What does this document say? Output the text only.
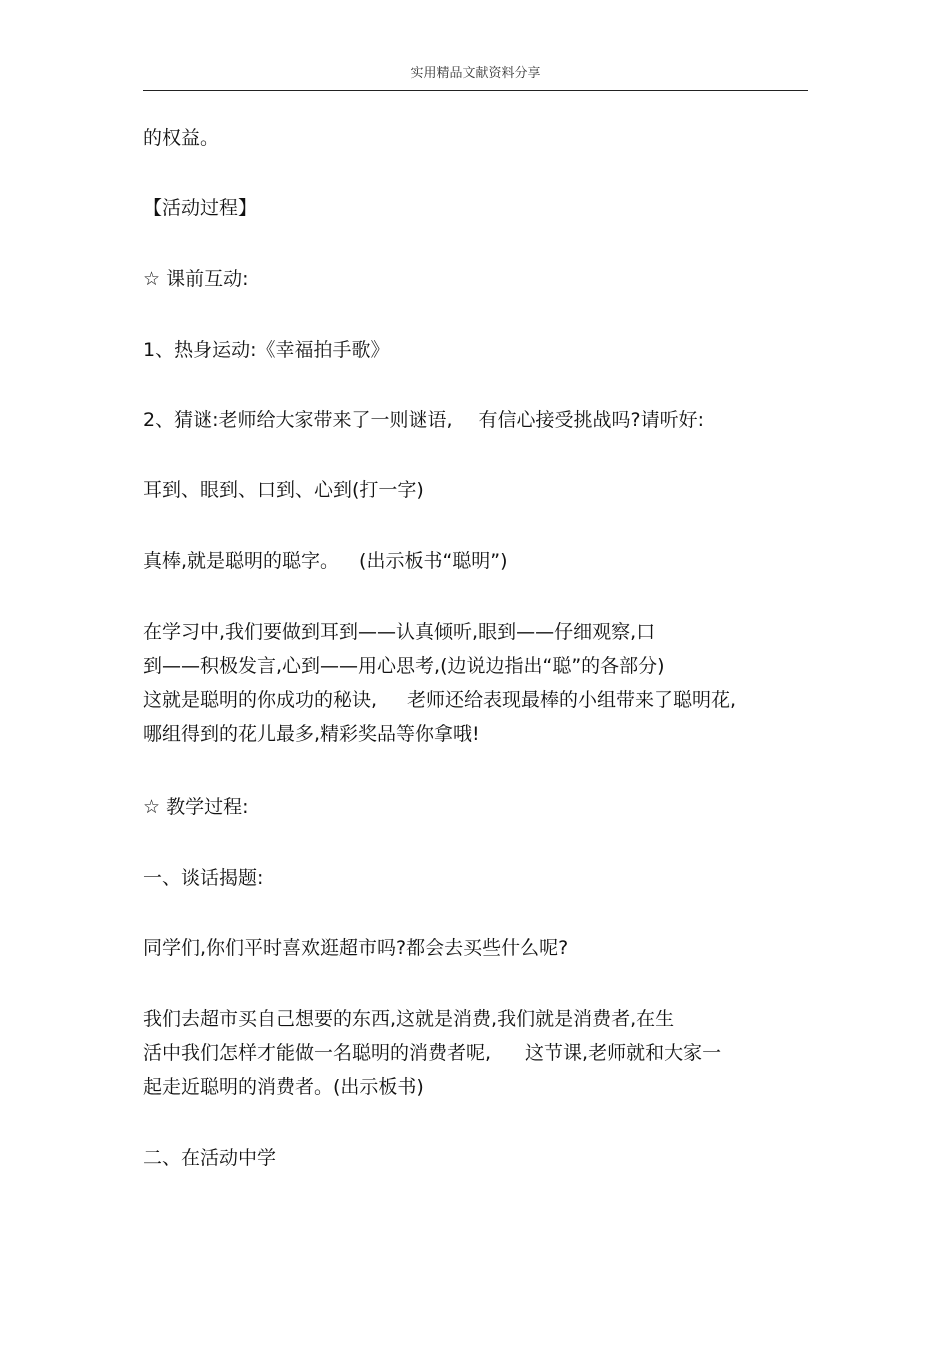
实用精品文献资料分享
的权益。
【活动过程】
☆ 课前互动:
1、热身运动:《幸福拍手歌》
2、猜谜:老师给大家带来了一则谜语, 有信心接受挑战吗?请听好:
耳到、眼到、口到、心到(打一字)
真棒,就是聪明的聪字。 (出示板书“聪明”)
在学习中,我们要做到耳到——认真倾听,眼到——仔细观察,口
到——积极发言,心到——用心思考,(边说边指出“聪”的各部分)
这就是聪明的你成功的秘诀, 老师还给表现最棒的小组带来了聪明花,
哪组得到的花儿最多,精彩奖品等你拿哦!
☆ 教学过程:
一、谈话揭题:
同学们,你们平时喜欢逛超市吗?都会去买些什么呢?
我们去超市买自己想要的东西,这就是消费,我们就是消费者,在生
活中我们怎样才能做一名聪明的消费者呢, 这节课,老师就和大家一
起走近聪明的消费者。(出示板书)
二、在活动中学
